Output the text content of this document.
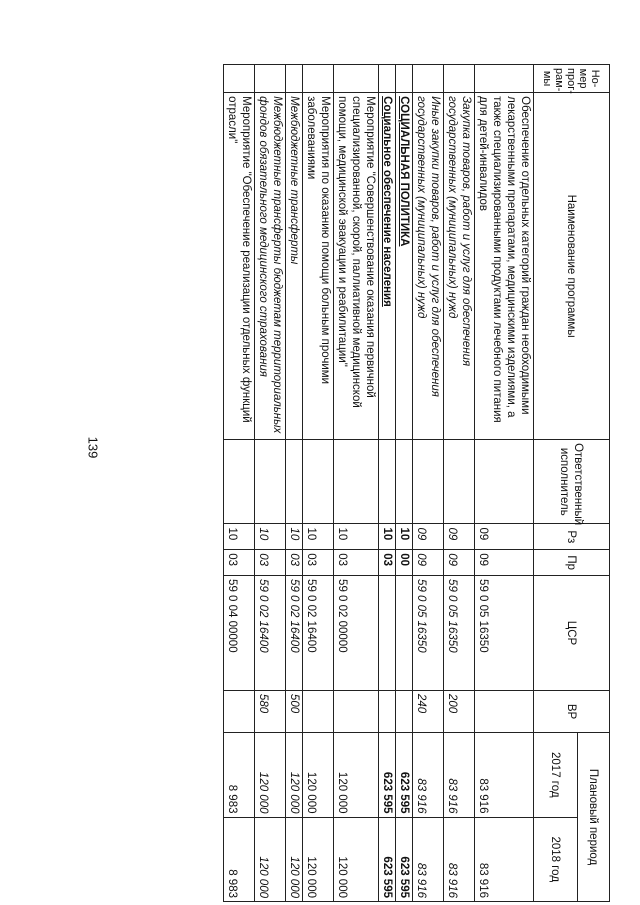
139
Но-мер прог-рам-мы	Наименование программы	Ответственный исполнитель	Рз	Пр	ЦСР	ВР	Плановый период	
							2017 год	2018 год
	Обеспечение отдельных категорий граждан необходимыми лекарственными препаратами, медицинскими изделиями, а также специализированными продуктами лечебного питания для детей-инвалидов		09	09	59 0 05 16350		83 916	83 916
	Закупка товаров, работ и услуг для обеспечения государственных (муниципальных) нужд		09	09	59 0 05 16350	200	83 916	83 916
	Иные закупки товаров, работ и услуг для обеспечения государственных (муниципальных) нужд		09	09	59 0 05 16350	240	83 916	83 916
	СОЦИАЛЬНАЯ ПОЛИТИКА		10	00			623 595	623 595
	Социальное обеспечение населения		10	03			623 595	623 595
	Мероприятие "Совершенствование оказания первичной специализированной, скорой, паллиативной медицинской помощи, медицинской эвакуации и реабилитации"		10	03	59 0 02 00000		120 000	120 000
	Мероприятия по оказанию помощи больным прочими заболеваниями		10	03	59 0 02 16400		120 000	120 000
	Межбюджетные трансферты		10	03	59 0 02 16400	500	120 000	120 000
	Межбюджетные трансферты бюджетам территориальных фондов обязательного медицинского страхования		10	03	59 0 02 16400	580	120 000	120 000
	Мероприятие "Обеспечение реализации отдельных функций отрасли"		10	03	59 0 04 00000		8 983	8 983
